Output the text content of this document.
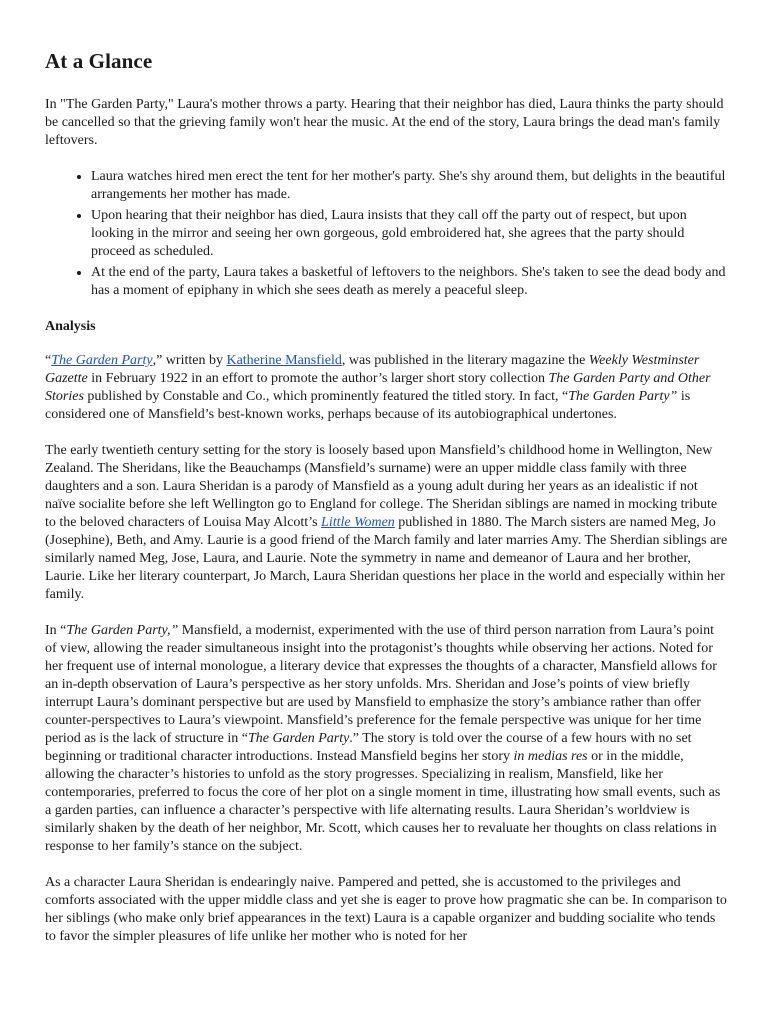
At a Glance

In "The Garden Party," Laura's mother throws a party. Hearing that their neighbor has died, Laura thinks the party should be cancelled so that the grieving family won't hear the music. At the end of the story, Laura brings the dead man's family leftovers.

• Laura watches hired men erect the tent for her mother's party. She's shy around them, but delights in the beautiful arrangements her mother has made.
• Upon hearing that their neighbor has died, Laura insists that they call off the party out of respect, but upon looking in the mirror and seeing her own gorgeous, gold embroidered hat, she agrees that the party should proceed as scheduled.
• At the end of the party, Laura takes a basketful of leftovers to the neighbors. She's taken to see the dead body and has a moment of epiphany in which she sees death as merely a peaceful sleep.
Analysis

“The Garden Party,” written by Katherine Mansfield, was published in the literary magazine the Weekly Westminster Gazette in February 1922 in an effort to promote the author’s larger short story collection The Garden Party and Other Stories published by Constable and Co., which prominently featured the titled story. In fact, “The Garden Party” is considered one of Mansfield’s best-known works, perhaps because of its autobiographical undertones.

The early twentieth century setting for the story is loosely based upon Mansfield’s childhood home in Wellington, New Zealand. The Sheridans, like the Beauchamps (Mansfield’s surname) were an upper middle class family with three daughters and a son. Laura Sheridan is a parody of Mansfield as a young adult during her years as an idealistic if not naïve socialite before she left Wellington go to England for college. The Sheridan siblings are named in mocking tribute to the beloved characters of Louisa May Alcott’s Little Women published in 1880. The March sisters are named Meg, Jo (Josephine), Beth, and Amy. Laurie is a good friend of the March family and later marries Amy. The Sherdian siblings are similarly named Meg, Jose, Laura, and Laurie. Note the symmetry in name and demeanor of Laura and her brother, Laurie. Like her literary counterpart, Jo March, Laura Sheridan questions her place in the world and especially within her family.

In “The Garden Party,” Mansfield, a modernist, experimented with the use of third person narration from Laura’s point of view, allowing the reader simultaneous insight into the protagonist’s thoughts while observing her actions. Noted for her frequent use of internal monologue, a literary device that expresses the thoughts of a character, Mansfield allows for an in-depth observation of Laura’s perspective as her story unfolds. Mrs. Sheridan and Jose’s points of view briefly interrupt Laura’s dominant perspective but are used by Mansfield to emphasize the story’s ambiance rather than offer counter-perspectives to Laura’s viewpoint. Mansfield’s preference for the female perspective was unique for her time period as is the lack of structure in “The Garden Party.” The story is told over the course of a few hours with no set beginning or traditional character introductions. Instead Mansfield begins her story in medias res or in the middle, allowing the character’s histories to unfold as the story progresses. Specializing in realism, Mansfield, like her contemporaries, preferred to focus the core of her plot on a single moment in time, illustrating how small events, such as a garden parties, can influence a character’s perspective with life alternating results. Laura Sheridan’s worldview is similarly shaken by the death of her neighbor, Mr. Scott, which causes her to revaluate her thoughts on class relations in response to her family’s stance on the subject.

As a character Laura Sheridan is endearingly naive. Pampered and petted, she is accustomed to the privileges and comforts associated with the upper middle class and yet she is eager to prove how pragmatic she can be. In comparison to her siblings (who make only brief appearances in the text) Laura is a capable organizer and budding socialite who tends to favor the simpler pleasures of life unlike her mother who is noted for her
